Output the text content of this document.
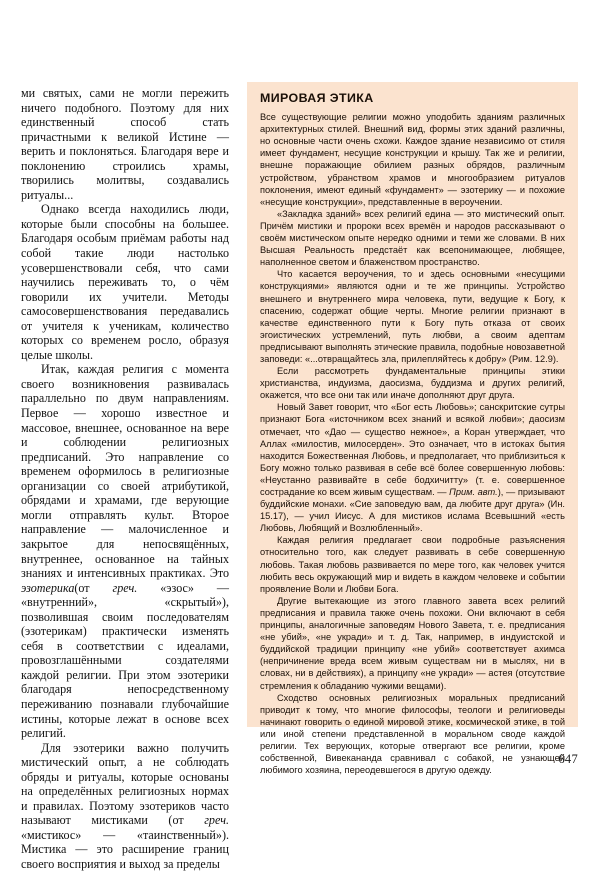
ми святых, сами не могли пережить ничего подобного. Поэтому для них единственный способ стать причастными к великой Истине — верить и поклоняться. Благодаря вере и поклонению строились храмы, творились молитвы, создавались ритуалы...

Однако всегда находились люди, которые были способны на большее. Благодаря особым приёмам работы над собой такие люди настолько усовершенствовали себя, что сами научились переживать то, о чём говорили их учители. Методы самосовершенствования передавались от учителя к ученикам, количество которых со временем росло, образуя целые школы.

Итак, каждая религия с момента своего возникновения развивалась параллельно по двум направлениям. Первое — хорошо известное и массовое, внешнее, основанное на вере и соблюдении религиозных предписаний. Это направление со временем оформилось в религиозные организации со своей атрибутикой, обрядами и храмами, где верующие могли отправлять культ. Второе направление — малочисленное и закрытое для непосвящённых, внутреннее, основанное на тайных знаниях и интенсивных практиках. Это эзотерика(от греч. «эзос» — «внутренний», «скрытый»), позволившая своим последователям (эзотерикам) практически изменять себя в соответствии с идеалами, провозглашёнными создателями каждой религии. При этом эзотерики благодаря непосредственному переживанию познавали глубочайшие истины, которые лежат в основе всех религий.

Для эзотерики важно получить мистический опыт, а не соблюдать обряды и ритуалы, которые основаны на определённых религиозных нормах и правилах. Поэтому эзотериков часто называют мистиками (от греч. «мистикос» — «таинственный»). Мистика — это расширение границ своего восприятия и выход за пределы

МИРОВАЯ ЭТИКА

Все существующие религии можно уподобить зданиям различных архитектурных стилей. Внешний вид, формы этих зданий различны, но основные части очень схожи. Каждое здание независимо от стиля имеет фундамент, несущие конструкции и крышу. Так же и религии, внешне поражающие обилием разных обрядов, различным устройством, убранством храмов и многообразием ритуалов поклонения, имеют единый «фундамент» — эзотерику — и похожие «несущие конструкции», представленные в вероучении.

«Закладка зданий» всех религий едина — это мистический опыт. Причём мистики и пророки всех времён и народов рассказывают о своём мистическом опыте нередко одними и теми же словами. В них Высшая Реальность предстаёт как всепонимающее, любящее, наполненное светом и блаженством пространство.

Что касается вероучения, то и здесь основными «несущими конструкциями» являются одни и те же принципы. Устройство внешнего и внутреннего мира человека, пути, ведущие к Богу, к спасению, содержат общие черты. Многие религии признают в качестве единственного пути к Богу путь отказа от своих эгоистических устремлений, путь любви, а своим адептам предписывают выполнять этические правила, подобные новозаветной заповеди: «...отвращайтесь зла, прилепляйтесь к добру» (Рим. 12.9).

Если рассмотреть фундаментальные принципы этики христианства, индуизма, даосизма, буддизма и других религий, окажется, что все они так или иначе дополняют друг друга.

Новый Завет говорит, что «Бог есть Любовь»; санскритские сутры признают Бога «источником всех знаний и всякой любви»; даосизм отмечает, что «Дао — существо нежное», а Коран утверждает, что Аллах «милостив, милосерден». Это означает, что в истоках бытия находится Божественная Любовь, и предполагает, что приблизиться к Богу можно только развивая в себе всё более совершенную любовь: «Неустанно развивайте в себе бодхичитту» (т. е. совершенное сострадание ко всем живым существам. — Прим. авт.), — призывают буддийские монахи. «Сие заповедую вам, да любите друг друга» (Ин. 15.17), — учил Иисус. А для мистиков ислама Всевышний «есть Любовь, Любящий и Возлюбленный».

Каждая религия предлагает свои подробные разъяснения относительно того, как следует развивать в себе совершенную любовь. Такая любовь развивается по мере того, как человек учится любить весь окружающий мир и видеть в каждом человеке и событии проявление Воли и Любви Бога.

Другие вытекающие из этого главного завета всех религий предписания и правила также очень похожи. Они включают в себя принципы, аналогичные заповедям Нового Завета, т. е. предписания «не убий», «не укради» и т. д. Так, например, в индуистской и буддийской традиции принципу «не убий» соответствует ахимса (непричинение вреда всем живым существам ни в мыслях, ни в словах, ни в действиях), а принципу «не укради» — астея (отсутствие стремления к обладанию чужими вещами).

Сходство основных религиозных моральных предписаний приводит к тому, что многие философы, теологи и религиоведы начинают говорить о единой мировой этике, космической этике, в той или иной степени представленной в моральном своде каждой религии. Тех верующих, которые отвергают все религии, кроме собственной, Вивекананда сравнивал с собакой, не узнающей любимого хозяина, переодевшегося в другую одежду.

647
